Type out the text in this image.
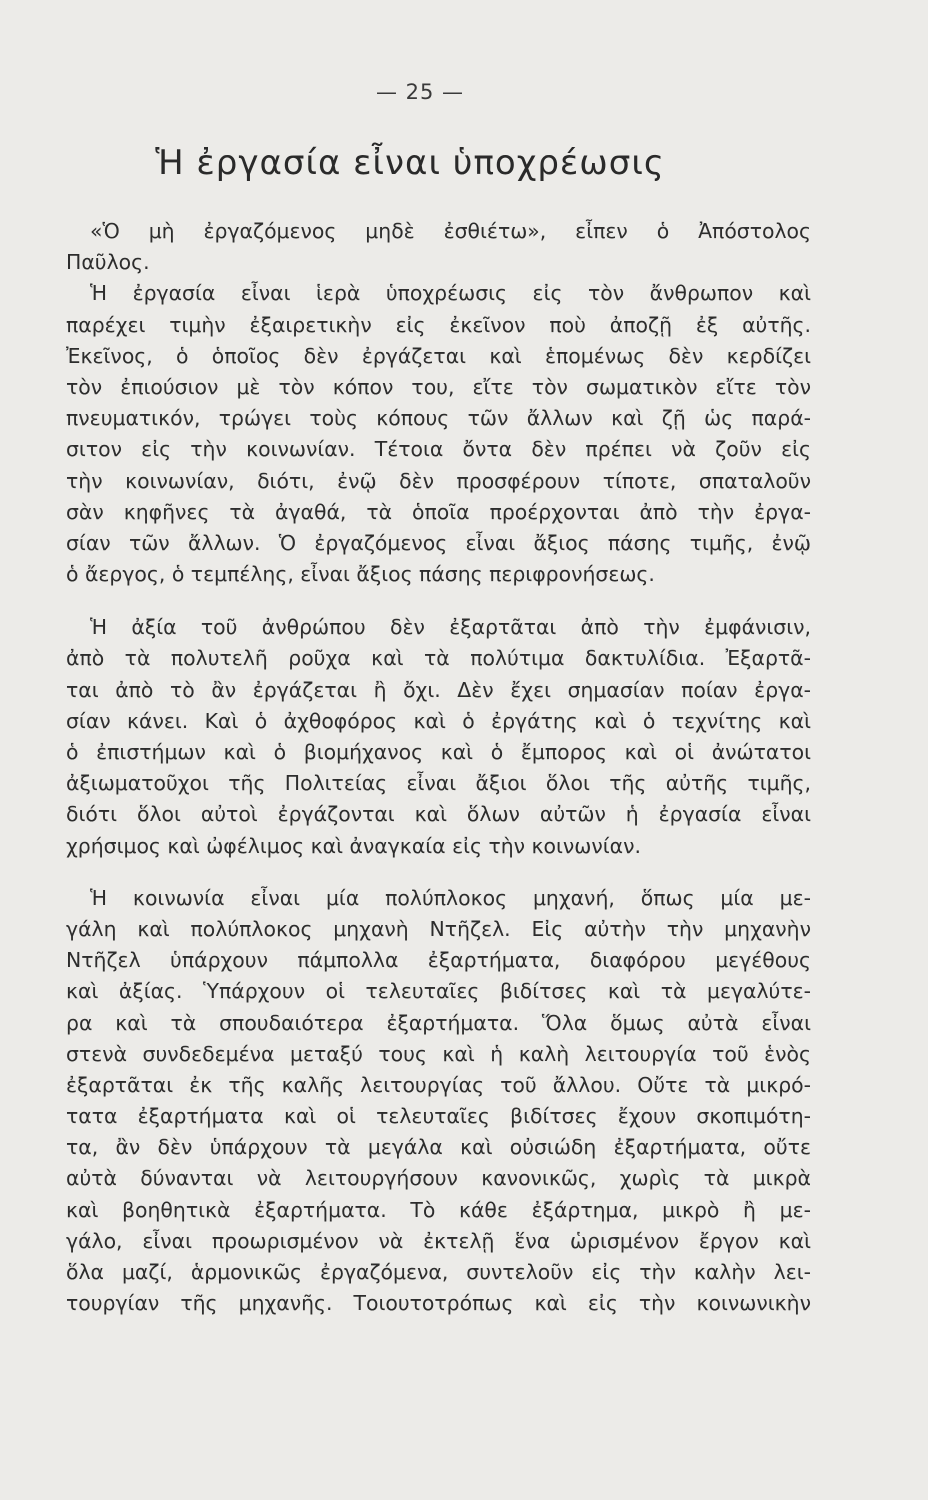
— 25 —
Ἡ ἐργασία εἶναι ὑποχρέωσις
«Ὁ μὴ ἐργαζόμενος μηδὲ ἐσθιέτω», εἶπεν ὁ Ἀπόστολος
Παῦλος.
Ἡ ἐργασία εἶναι ἱερὰ ὑποχρέωσις εἰς τὸν ἄνθρωπον καὶ
παρέχει τιμὴν ἐξαιρετικὴν εἰς ἐκεῖνον ποὺ ἀποζῇ ἐξ αὐτῆς.
Ἐκεῖνος, ὁ ὁποῖος δὲν ἐργάζεται καὶ ἑπομένως δὲν κερδίζει
τὸν ἐπιούσιον μὲ τὸν κόπον του, εἴτε τὸν σωματικὸν εἴτε τὸν
πνευματικόν, τρώγει τοὺς κόπους τῶν ἄλλων καὶ ζῇ ὡς παρά-
σιτον εἰς τὴν κοινωνίαν. Τέτοια ὄντα δὲν πρέπει νὰ ζοῦν εἰς
τὴν κοινωνίαν, διότι, ἐνῷ δὲν προσφέρουν τίποτε, σπαταλοῦν
σὰν κηφῆνες τὰ ἀγαθά, τὰ ὁποῖα προέρχονται ἀπὸ τὴν ἐργα-
σίαν τῶν ἄλλων. Ὁ ἐργαζόμενος εἶναι ἄξιος πάσης τιμῆς, ἐνῷ
ὁ ἄεργος, ὁ τεμπέλης, εἶναι ἄξιος πάσης περιφρονήσεως.
Ἡ ἀξία τοῦ ἀνθρώπου δὲν ἐξαρτᾶται ἀπὸ τὴν ἐμφάνισιν,
ἀπὸ τὰ πολυτελῆ ροῦχα καὶ τὰ πολύτιμα δακτυλίδια. Ἐξαρτᾶ-
ται ἀπὸ τὸ ἂν ἐργάζεται ἢ ὄχι. Δὲν ἔχει σημασίαν ποίαν ἐργα-
σίαν κάνει. Καὶ ὁ ἀχθοφόρος καὶ ὁ ἐργάτης καὶ ὁ τεχνίτης καὶ
ὁ ἐπιστήμων καὶ ὁ βιομήχανος καὶ ὁ ἔμπορος καὶ οἱ ἀνώτατοι
ἀξιωματοῦχοι τῆς Πολιτείας εἶναι ἄξιοι ὅλοι τῆς αὐτῆς τιμῆς,
διότι ὅλοι αὐτοὶ ἐργάζονται καὶ ὅλων αὐτῶν ἡ ἐργασία εἶναι
χρήσιμος καὶ ὠφέλιμος καὶ ἀναγκαία εἰς τὴν κοινωνίαν.
Ἡ κοινωνία εἶναι μία πολύπλοκος μηχανή, ὅπως μία με-
γάλη καὶ πολύπλοκος μηχανὴ Ντῆζελ. Εἰς αὐτὴν τὴν μηχανὴν
Ντῆζελ ὑπάρχουν πάμπολλα ἐξαρτήματα, διαφόρου μεγέθους
καὶ ἀξίας. Ὑπάρχουν οἱ τελευταῖες βιδίτσες καὶ τὰ μεγαλύτε-
ρα καὶ τὰ σπουδαιότερα ἐξαρτήματα. Ὅλα ὅμως αὐτὰ εἶναι
στενὰ συνδεδεμένα μεταξύ τους καὶ ἡ καλὴ λειτουργία τοῦ ἑνὸς
ἐξαρτᾶται ἐκ τῆς καλῆς λειτουργίας τοῦ ἄλλου. Οὔτε τὰ μικρό-
τατα ἐξαρτήματα καὶ οἱ τελευταῖες βιδίτσες ἔχουν σκοπιμότη-
τα, ἂν δὲν ὑπάρχουν τὰ μεγάλα καὶ οὐσιώδη ἐξαρτήματα, οὔτε
αὐτὰ δύνανται νὰ λειτουργήσουν κανονικῶς, χωρὶς τὰ μικρὰ
καὶ βοηθητικὰ ἐξαρτήματα. Τὸ κάθε ἐξάρτημα, μικρὸ ἢ με-
γάλο, εἶναι προωρισμένον νὰ ἐκτελῇ ἕνα ὡρισμένον ἔργον καὶ
ὅλα μαζί, ἁρμονικῶς ἐργαζόμενα, συντελοῦν εἰς τὴν καλὴν λει-
τουργίαν τῆς μηχανῆς. Τοιουτοτρόπως καὶ εἰς τὴν κοινωνικὴν
